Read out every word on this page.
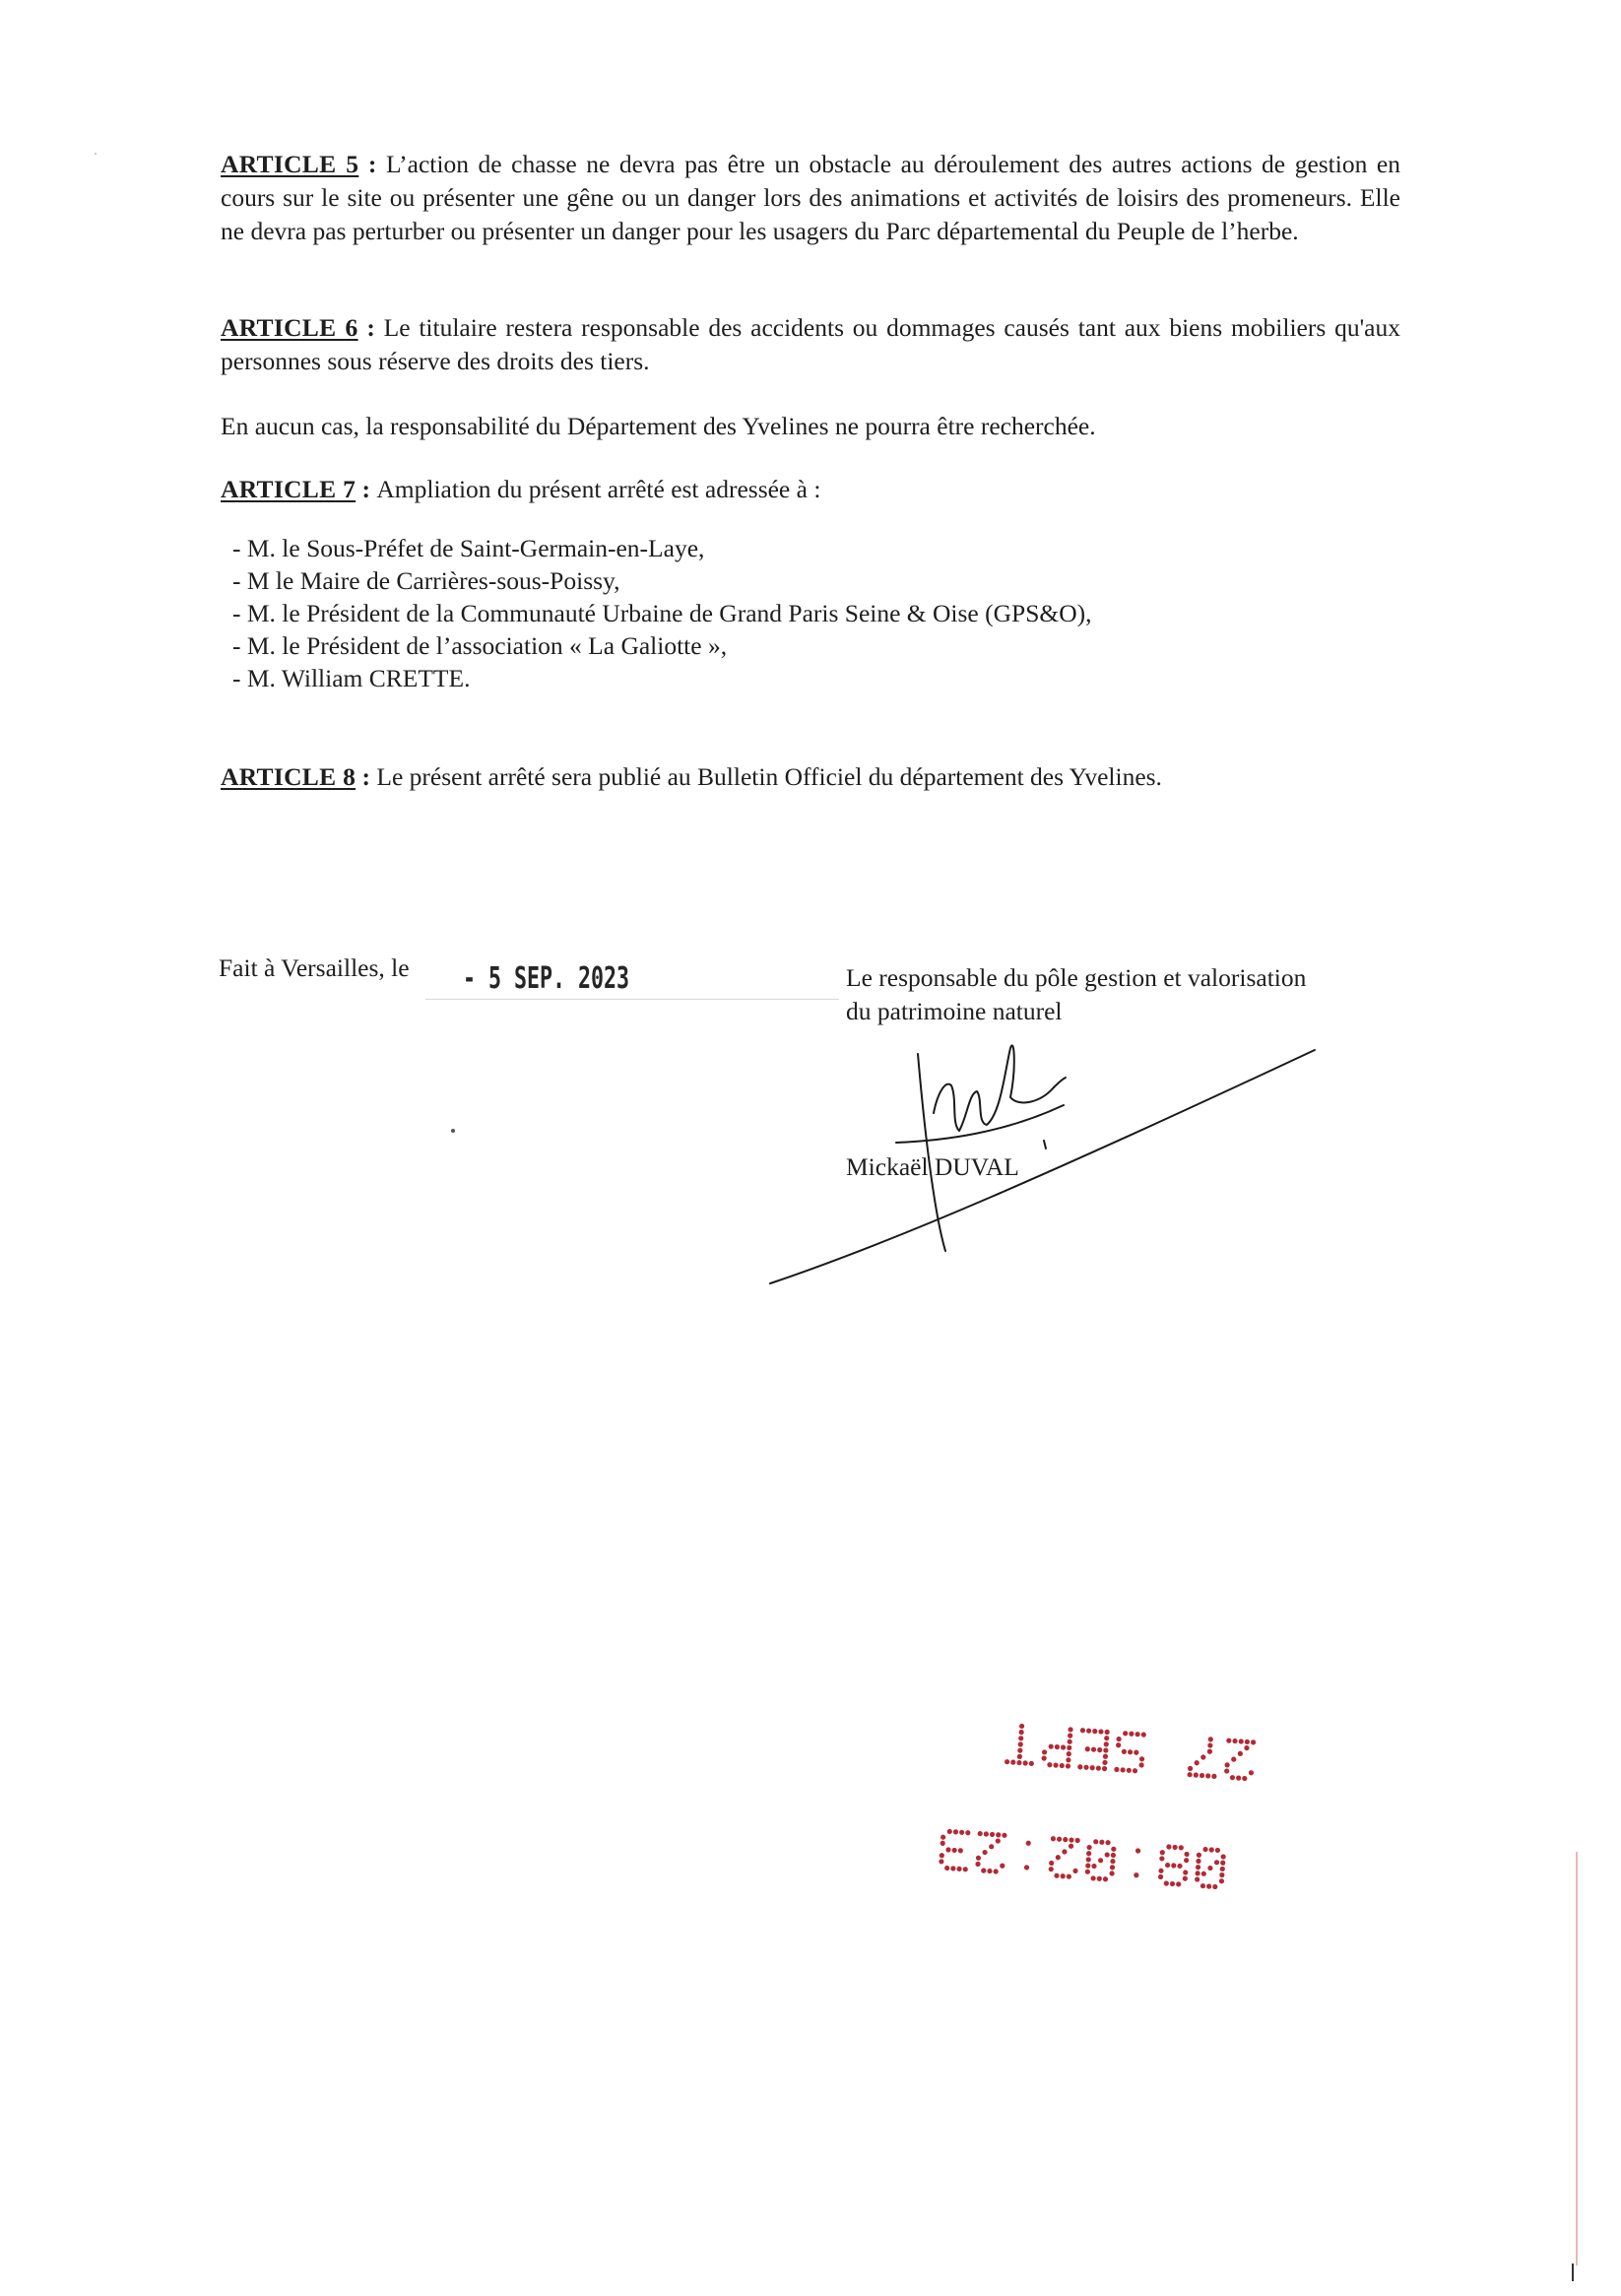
ARTICLE 5 : L’action de chasse ne devra pas être un obstacle au déroulement des autres actions de gestion en cours sur le site ou présenter une gêne ou un danger lors des animations et activités de loisirs des promeneurs. Elle ne devra pas perturber ou présenter un danger pour les usagers du Parc départemental du Peuple de l’herbe.

ARTICLE 6 : Le titulaire restera responsable des accidents ou dommages causés tant aux biens mobiliers qu'aux personnes sous réserve des droits des tiers.

En aucun cas, la responsabilité du Département des Yvelines ne pourra être recherchée.

ARTICLE 7 : Ampliation du présent arrêté est adressée à :

- M. le Sous-Préfet de Saint-Germain-en-Laye,
- M le Maire de Carrières-sous-Poissy,
- M. le Président de la Communauté Urbaine de Grand Paris Seine & Oise (GPS&O),
- M. le Président de l’association « La Galiotte »,
- M. William CRETTE.

ARTICLE 8 : Le présent arrêté sera publié au Bulletin Officiel du département des Yvelines.

Fait à Versailles, le - 5 SEP. 2023	Le responsable du pôle gestion et valorisation
du patrimoine naturel

Mickaël DUVAL
